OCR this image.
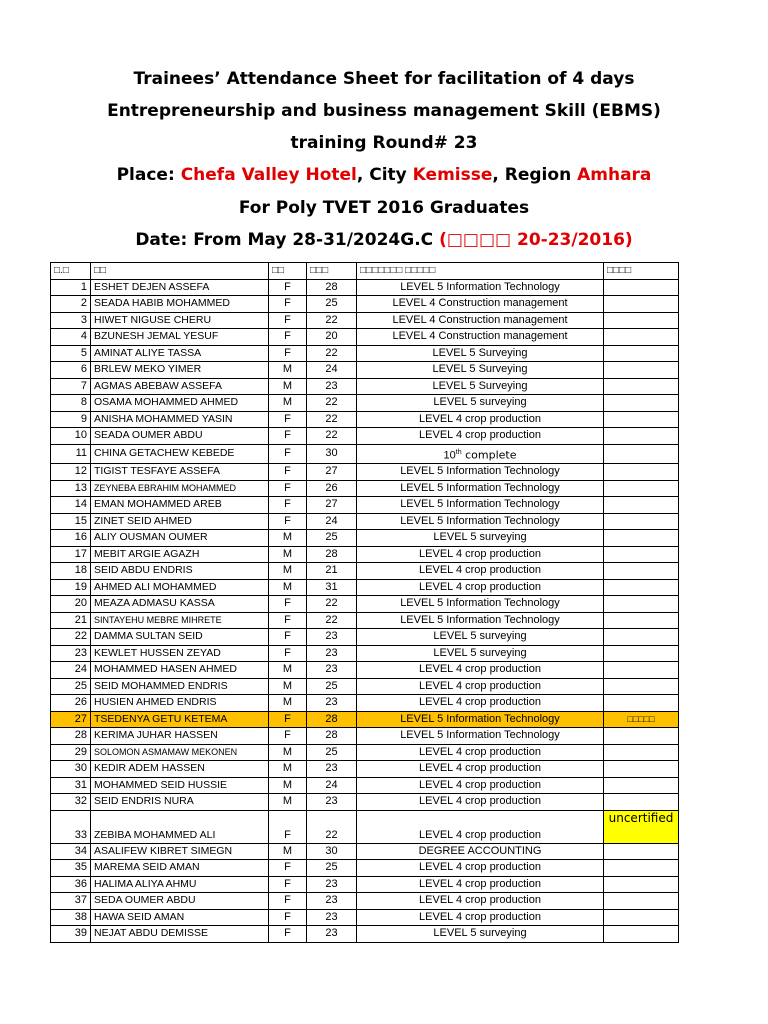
Trainees’ Attendance Sheet for facilitation of 4 days
Entrepreneurship and business management Skill (EBMS)
training Round# 23
Place: Chefa Valley Hotel, City Kemisse, Region Amhara
For Poly TVET 2016 Graduates
Date: From May 28-31/2024G.C (□□□□ 20-23/2016)
□.□	□□	□□	□□□	□□□□□□□ □□□□□	□□□□
1	ESHET DEJEN ASSEFA	F	28	LEVEL 5 Information Technology	
2	SEADA HABIB MOHAMMED	F	25	LEVEL 4 Construction management	
3	HIWET NIGUSE CHERU	F	22	LEVEL 4 Construction management	
4	BZUNESH JEMAL YESUF	F	20	LEVEL 4 Construction management	
5	AMINAT ALIYE TASSA	F	22	LEVEL 5 Surveying	
6	BRLEW MEKO YIMER	M	24	LEVEL 5 Surveying	
7	AGMAS ABEBAW ASSEFA	M	23	LEVEL 5 Surveying	
8	OSAMA MOHAMMED AHMED	M	22	LEVEL 5 surveying	
9	ANISHA MOHAMMED YASIN	F	22	LEVEL 4 crop production	
10	SEADA OUMER ABDU	F	22	LEVEL 4 crop production	
11	CHINA GETACHEW KEBEDE	F	30	10th complete	
12	TIGIST TESFAYE ASSEFA	F	27	LEVEL 5 Information Technology	
13	ZEYNEBA EBRAHIM MOHAMMED	F	26	LEVEL 5 Information Technology	
14	EMAN MOHAMMED AREB	F	27	LEVEL 5 Information Technology	
15	ZINET SEID AHMED	F	24	LEVEL 5 Information Technology	
16	ALIY OUSMAN OUMER	M	25	LEVEL 5 surveying	
17	MEBIT ARGIE AGAZH	M	28	LEVEL 4 crop production	
18	SEID ABDU ENDRIS	M	21	LEVEL 4 crop production	
19	AHMED ALI MOHAMMED	M	31	LEVEL 4 crop production	
20	MEAZA ADMASU KASSA	F	22	LEVEL 5 Information Technology	
21	SINTAYEHU MEBRE MIHRETE	F	22	LEVEL 5 Information Technology	
22	DAMMA SULTAN SEID	F	23	LEVEL 5 surveying	
23	KEWLET HUSSEN ZEYAD	F	23	LEVEL 5 surveying	
24	MOHAMMED HASEN AHMED	M	23	LEVEL 4 crop production	
25	SEID MOHAMMED ENDRIS	M	25	LEVEL 4 crop production	
26	HUSIEN AHMED ENDRIS	M	23	LEVEL 4 crop production	
27	TSEDENYA GETU KETEMA	F	28	LEVEL 5 Information Technology	□□□□□
28	KERIMA JUHAR HASSEN	F	28	LEVEL 5 Information Technology	
29	SOLOMON ASMAMAW MEKONEN	M	25	LEVEL 4 crop production	
30	KEDIR ADEM HASSEN	M	23	LEVEL 4 crop production	
31	MOHAMMED SEID HUSSIE	M	24	LEVEL 4 crop production	
32	SEID ENDRIS NURA	M	23	LEVEL 4 crop production	
33	ZEBIBA MOHAMMED ALI	F	22	LEVEL 4 crop production	uncertified
34	ASALIFEW KIBRET SIMEGN	M	30	DEGREE ACCOUNTING	
35	MAREMA SEID AMAN	F	25	LEVEL 4 crop production	
36	HALIMA ALIYA AHMU	F	23	LEVEL 4 crop production	
37	SEDA OUMER ABDU	F	23	LEVEL 4 crop production	
38	HAWA SEID AMAN	F	23	LEVEL 4 crop production	
39	NEJAT ABDU DEMISSE	F	23	LEVEL 5 surveying	
